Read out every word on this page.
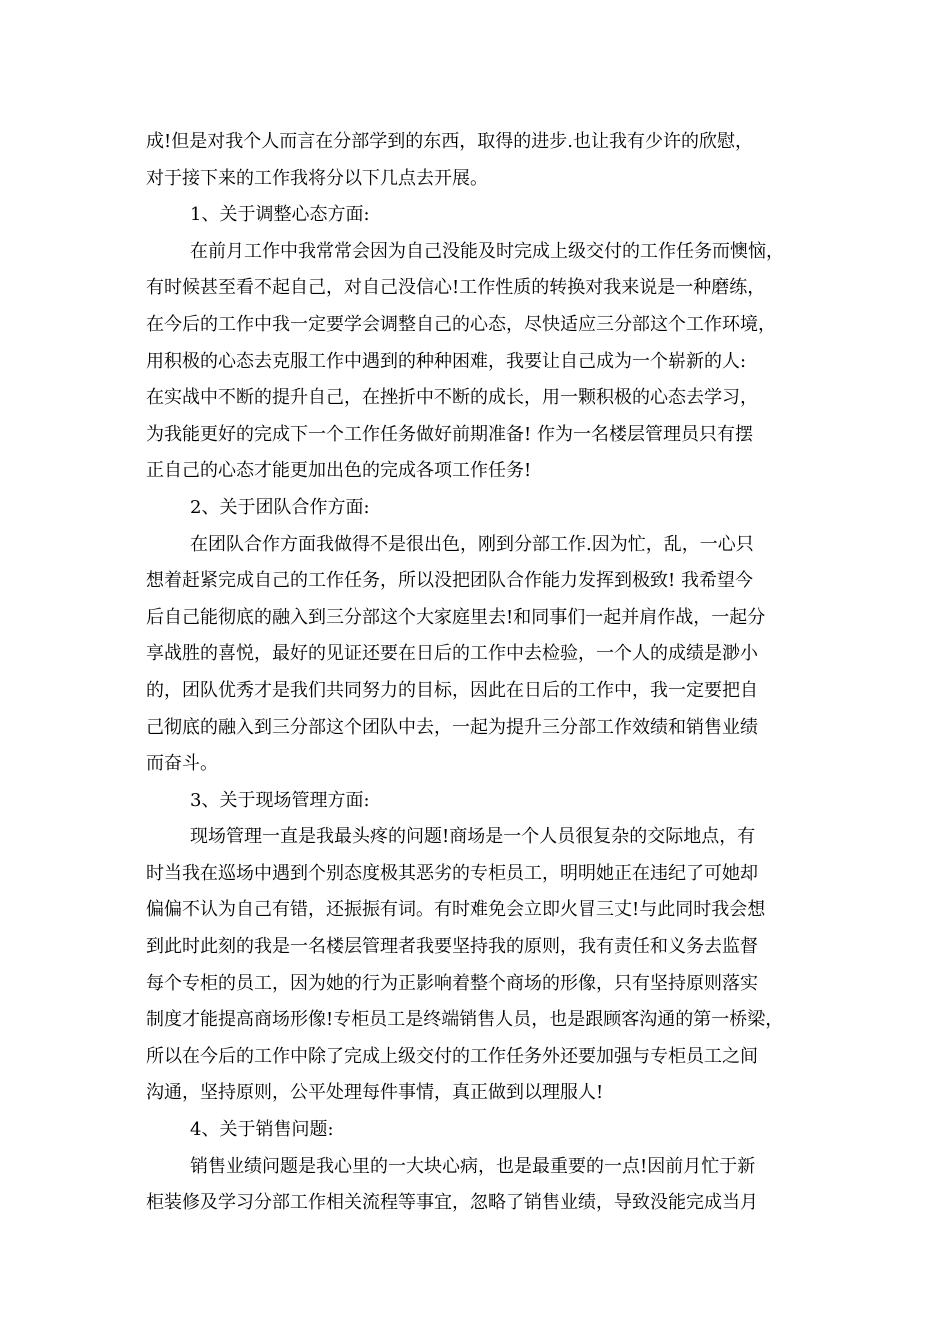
成!但是对我个人而言在分部学到的东西，取得的进步.也让我有少许的欣慰，
对于接下来的工作我将分以下几点去开展。
1、关于调整心态方面:
在前月工作中我常常会因为自己没能及时完成上级交付的工作任务而懊恼，
有时候甚至看不起自己，对自己没信心!工作性质的转换对我来说是一种磨练，
在今后的工作中我一定要学会调整自己的心态，尽快适应三分部这个工作环境，
用积极的心态去克服工作中遇到的种种困难，我要让自己成为一个崭新的人:
在实战中不断的提升自己，在挫折中不断的成长，用一颗积极的心态去学习，
为我能更好的完成下一个工作任务做好前期准备! 作为一名楼层管理员只有摆
正自己的心态才能更加出色的完成各项工作任务!
2、关于团队合作方面:
在团队合作方面我做得不是很出色，刚到分部工作.因为忙，乱，一心只
想着赶紧完成自己的工作任务，所以没把团队合作能力发挥到极致! 我希望今
后自己能彻底的融入到三分部这个大家庭里去!和同事们一起并肩作战，一起分
享战胜的喜悦，最好的见证还要在日后的工作中去检验，一个人的成绩是渺小
的，团队优秀才是我们共同努力的目标，因此在日后的工作中，我一定要把自
己彻底的融入到三分部这个团队中去，一起为提升三分部工作效绩和销售业绩
而奋斗。
3、关于现场管理方面:
现场管理一直是我最头疼的问题!商场是一个人员很复杂的交际地点，有
时当我在巡场中遇到个别态度极其恶劣的专柜员工，明明她正在违纪了可她却
偏偏不认为自己有错，还振振有词。有时难免会立即火冒三丈!与此同时我会想
到此时此刻的我是一名楼层管理者我要坚持我的原则，我有责任和义务去监督
每个专柜的员工，因为她的行为正影响着整个商场的形像，只有坚持原则落实
制度才能提高商场形像!专柜员工是终端销售人员，也是跟顾客沟通的第一桥梁，
所以在今后的工作中除了完成上级交付的工作任务外还要加强与专柜员工之间
沟通，坚持原则，公平处理每件事情，真正做到以理服人!
4、关于销售问题:
销售业绩问题是我心里的一大块心病，也是最重要的一点!因前月忙于新
柜装修及学习分部工作相关流程等事宜，忽略了销售业绩，导致没能完成当月
